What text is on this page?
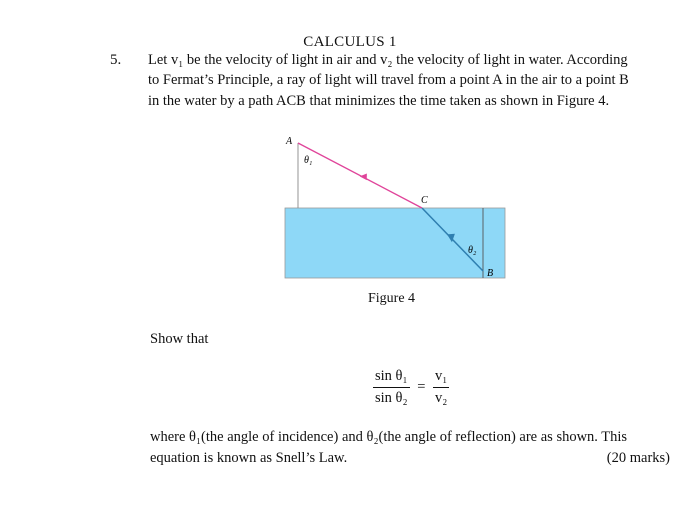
CALCULUS 1
5. Let v₁ be the velocity of light in air and v₂ the velocity of light in water. According
to Fermat’s Principle, a ray of light will travel from a point A in the air to a point B
in the water by a path ACB that minimizes the time taken as shown in Figure 4.
A
θ₁
C
θ₂
B
Figure 4
Show that
$\frac{\text{sin θ₁}}{\text{sin θ₂}} = \frac{\text{v₁}}{\text{v₂}}$
where θ₁(the angle of incidence) and θ₂(the angle of reflection) are as shown. This
equation is known as Snell’s Law.	(20 marks)
